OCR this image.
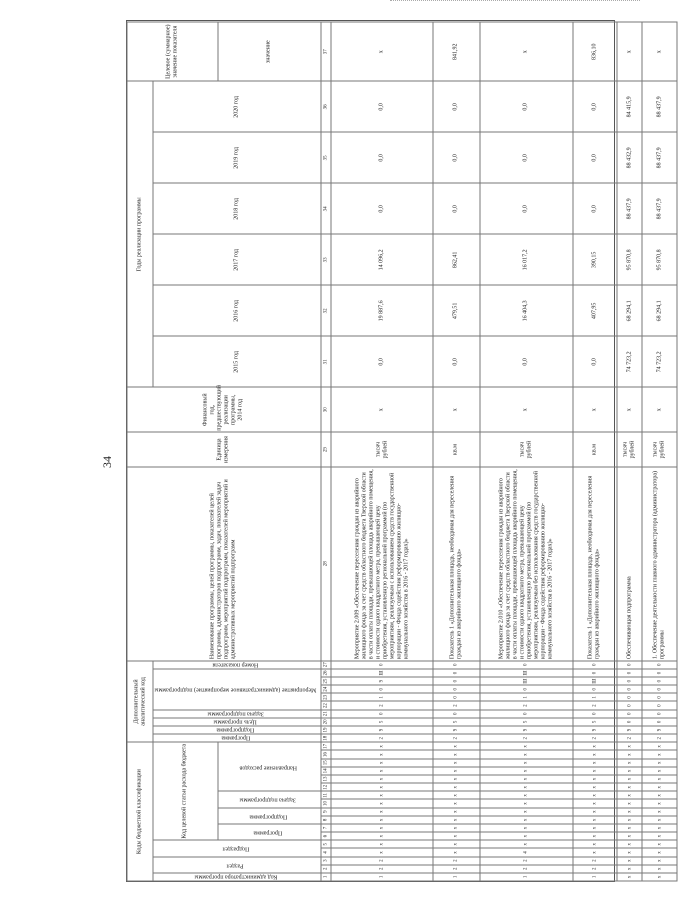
34
Коды бюджетной классификации																	Дополнительный аналитический код										Наименование программы, целей программы, показателей целей программы, администраторов подпрограмм, задач, показателей задач подпрограмм, мероприятий подпрограмм, показателей мероприятий и административных мероприятий подпрограмм	Единица измерения	Финансовый год, предшествующий реализации программы, 2014 год	Годы реализации программы						Целевое (суммарное) значение показателя
Код администратора программы	Раздел		Подраздел		Код целевой статьи расхода бюджета												Программа	Подпрограмма	Цель программы	Задача подпрограммы	Мероприятие (административное мероприятие) подпрограммы					Номер показателя				2015 год	2016 год	2017 год	2018 год	2019 год	2020 год	
					Программа		Подпрограмма		Задача подпрограммы		Направление расходов																									значение
1	2	3	4	5	6	7	8	9	10	11	12	13	14	15	16	17	18	19	20	21	22	23	24	25	26	27	28	29	30	31	32	33	34	35	36	37
1	2	2	х	х	х	х	х	х	х	х	х	х	х	х	х	х	2	9	5	0	2	1	0	9	Ш	0	Мероприятие 2.009 «Обеспечение переселения граждан из аварийного жилищного фонда за счет средств областного бюджета Тверской области в части оплаты площади, превышающей площадь аварийного помещения, и стоимости одного квадратного метра, превышающей цену приобретения, установленную региональной программой (по мероприятиям, реализуемым с использованием средств государственной корпорации - Фонда содействия реформированию жилищно-коммунального хозяйства в 2016 - 2017 годах)»	тысяч рублей	х	0,0	19 887,6	14 096,2	0,0	0,0	0,0	х
1	2	2	х	х	х	х	х	х	х	х	х	х	х	х	х	х	2	9	5	0	2	0	0	0	0	0	Показатель 1 «Дополнительная площадь, необходимая для переселения граждан из аварийного жилищного фонда»	кв.м	х	0,0	479,51	862,41	0,0	0,0	0,0	841,92
1	2	2	4	х	х	х	х	х	х	х	х	х	х	х	х	х	2	9	5	0	2	1	0	Ш	Ш	0	Мероприятие 2.010 «Обеспечение переселения граждан из аварийного жилищного фонда за счет средств областного бюджета Тверской области в части оплаты площади, превышающей площадь аварийного помещения, и стоимости одного квадратного метра, превышающей цену приобретения, установленную региональной программой (по мероприятиям, реализуемым без использования средств государственной корпорации - Фонда содействия реформированию жилищно-коммунального хозяйства в 2016 - 2017 годах)»	тысяч рублей	х	0,0	16 404,3	16 017,2	0,0	0,0	0,0	х
1	2	2	х	х	х	х	х	х	х	х	х	х	х	х	х	х	2	9	5	0	2	1	0	Ш	0	0	Показатель 1 «Дополнительная площадь, необходимая для переселения граждан из аварийного жилищного фонда»	кв.м	х	0,0	407,95	390,15	0,0	0,0	0,0	836,10
х	х	х	х	х	х	х	х	х	х	х	х	х	х	х	х	х	2	9	0	0	0	0	0	0	0	0	Обеспечивающая подпрограмма	тысяч рублей	х	74 723,2	68 294,1	95 870,8	88 437,9	88 432,9	84 415,9	х
х	х	х	х	х	х	х	х	х	х	х	х	х	х	х	х	х	2	9	0	0	0	0	0	0	0	0	1. Обеспечение деятельности главного администратора (администратора) программы	тысяч рублей	х	74 723,2	68 294,1	95 870,8	88 437,9	88 437,9	88 437,9	х
